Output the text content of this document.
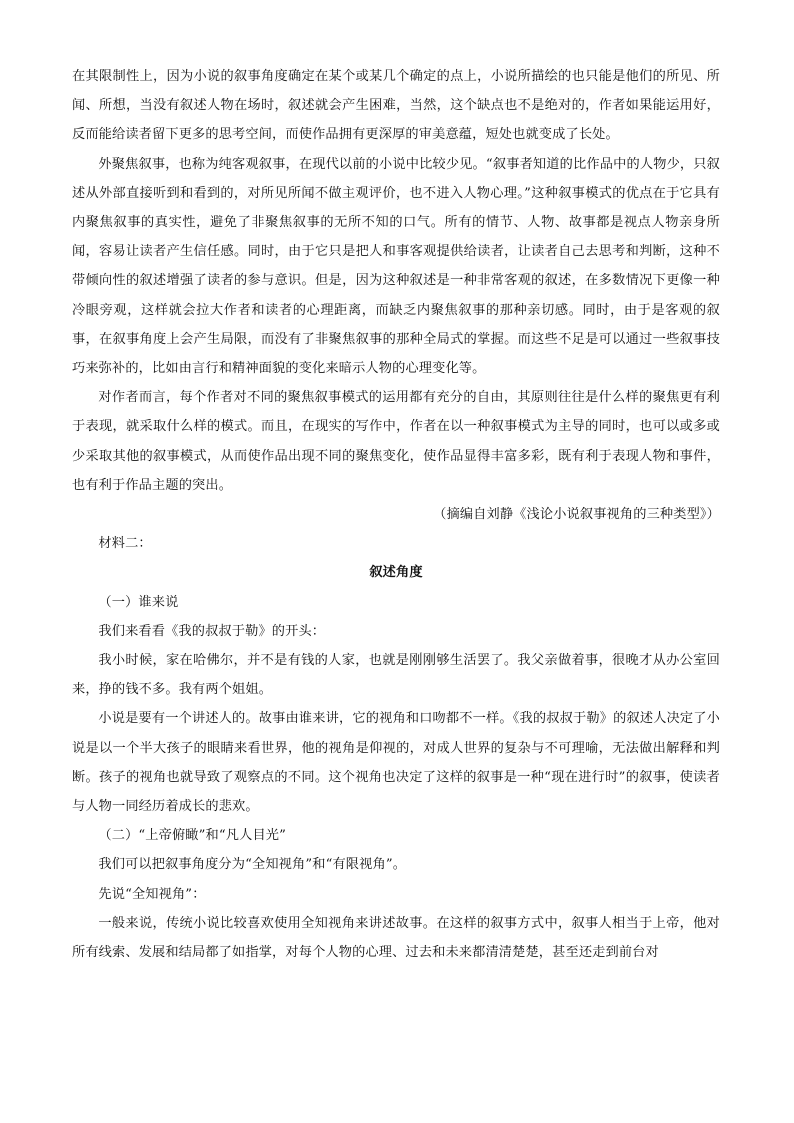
在其限制性上，因为小说的叙事角度确定在某个或某几个确定的点上，小说所描绘的也只能是他们的所见、所闻、所想，当没有叙述人物在场时，叙述就会产生困难，当然，这个缺点也不是绝对的，作者如果能运用好，反而能给读者留下更多的思考空间，而使作品拥有更深厚的审美意蕴，短处也就变成了长处。

外聚焦叙事，也称为纯客观叙事，在现代以前的小说中比较少见。“叙事者知道的比作品中的人物少，只叙述从外部直接听到和看到的，对所见所闻不做主观评价，也不进入人物心理。”这种叙事模式的优点在于它具有内聚焦叙事的真实性，避免了非聚焦叙事的无所不知的口气。所有的情节、人物、故事都是视点人物亲身所闻，容易让读者产生信任感。同时，由于它只是把人和事客观提供给读者，让读者自己去思考和判断，这种不带倾向性的叙述增强了读者的参与意识。但是，因为这种叙述是一种非常客观的叙述，在多数情况下更像一种冷眼旁观，这样就会拉大作者和读者的心理距离，而缺乏内聚焦叙事的那种亲切感。同时，由于是客观的叙事，在叙事角度上会产生局限，而没有了非聚焦叙事的那种全局式的掌握。而这些不足是可以通过一些叙事技巧来弥补的，比如由言行和精神面貌的变化来暗示人物的心理变化等。

对作者而言，每个作者对不同的聚焦叙事模式的运用都有充分的自由，其原则往往是什么样的聚焦更有利于表现，就采取什么样的模式。而且，在现实的写作中，作者在以一种叙事模式为主导的同时，也可以或多或少采取其他的叙事模式，从而使作品出现不同的聚焦变化，使作品显得丰富多彩，既有利于表现人物和事件，也有利于作品主题的突出。

（摘编自刘静《浅论小说叙事视角的三种类型》）

材料二：

叙述角度

（一）谁来说

我们来看看《我的叔叔于勒》的开头：

我小时候，家在哈佛尔，并不是有钱的人家，也就是刚刚够生活罢了。我父亲做着事，很晚才从办公室回来，挣的钱不多。我有两个姐姐。

小说是要有一个讲述人的。故事由谁来讲，它的视角和口吻都不一样。《我的叔叔于勒》的叙述人决定了小说是以一个半大孩子的眼睛来看世界，他的视角是仰视的，对成人世界的复杂与不可理喻，无法做出解释和判断。孩子的视角也就导致了观察点的不同。这个视角也决定了这样的叙事是一种“现在进行时”的叙事，使读者与人物一同经历着成长的悲欢。

（二）“上帝俯瞰”和“凡人目光”

我们可以把叙事角度分为“全知视角”和“有限视角”。

先说“全知视角”：

一般来说，传统小说比较喜欢使用全知视角来讲述故事。在这样的叙事方式中，叙事人相当于上帝，他对所有线索、发展和结局都了如指掌，对每个人物的心理、过去和未来都清清楚楚，甚至还走到前台对
